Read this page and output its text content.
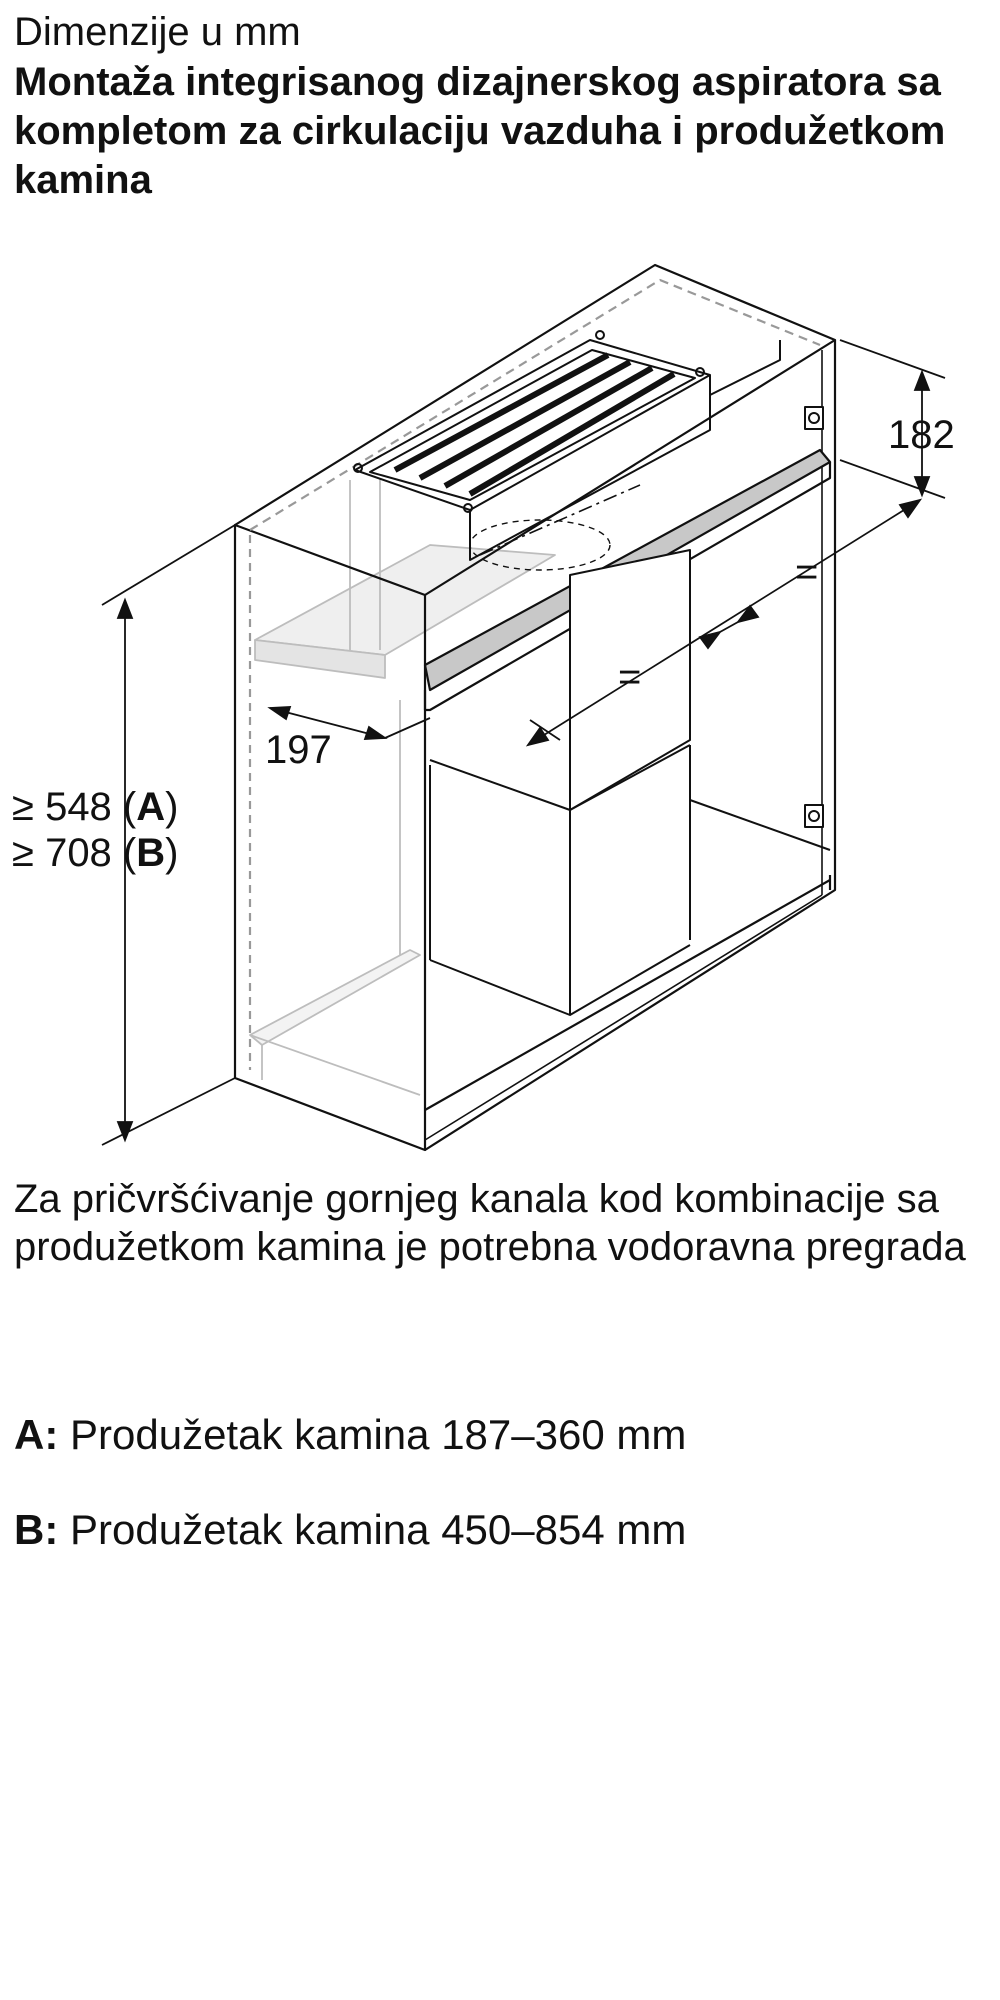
Dimenzije u mm
Montaža integrisanog dizajnerskog aspiratora sa kompletom za cirkulaciju vazduha i produžetkom kamina
182
=
=
197
≥ 548 (A)
≥ 708 (B)
Za pričvršćivanje gornjeg kanala kod kombinacije sa produžetkom kamina je potrebna vodoravna pregrada
A: Produžetak kamina 187–360 mm
B: Produžetak kamina 450–854 mm
